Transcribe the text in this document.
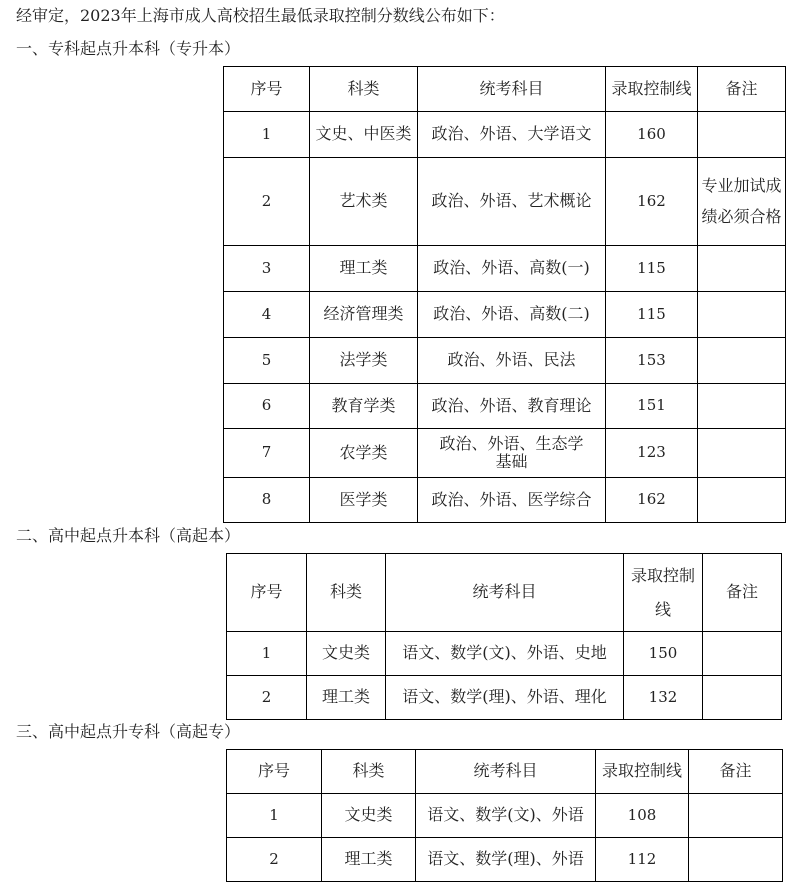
经审定，2023年上海市成人高校招生最低录取控制分数线公布如下：
一、专科起点升本科（专升本）
序号	科类	统考科目	录取控制线	备注
1	文史、中医类	政治、外语、大学语文	160	
2	艺术类	政治、外语、艺术概论	162	专业加试成绩必须合格
3	理工类	政治、外语、高数(一)	115	
4	经济管理类	政治、外语、高数(二)	115	
5	法学类	政治、外语、民法	153	
6	教育学类	政治、外语、教育理论	151	
7	农学类	政治、外语、生态学基础	123	
8	医学类	政治、外语、医学综合	162	
二、高中起点升本科（高起本）
序号	科类	统考科目	录取控制线	备注
1	文史类	语文、数学(文)、外语、史地	150	
2	理工类	语文、数学(理)、外语、理化	132	
三、高中起点升专科（高起专）
序号	科类	统考科目	录取控制线	备注
1	文史类	语文、数学(文)、外语	108	
2	理工类	语文、数学(理)、外语	112	
